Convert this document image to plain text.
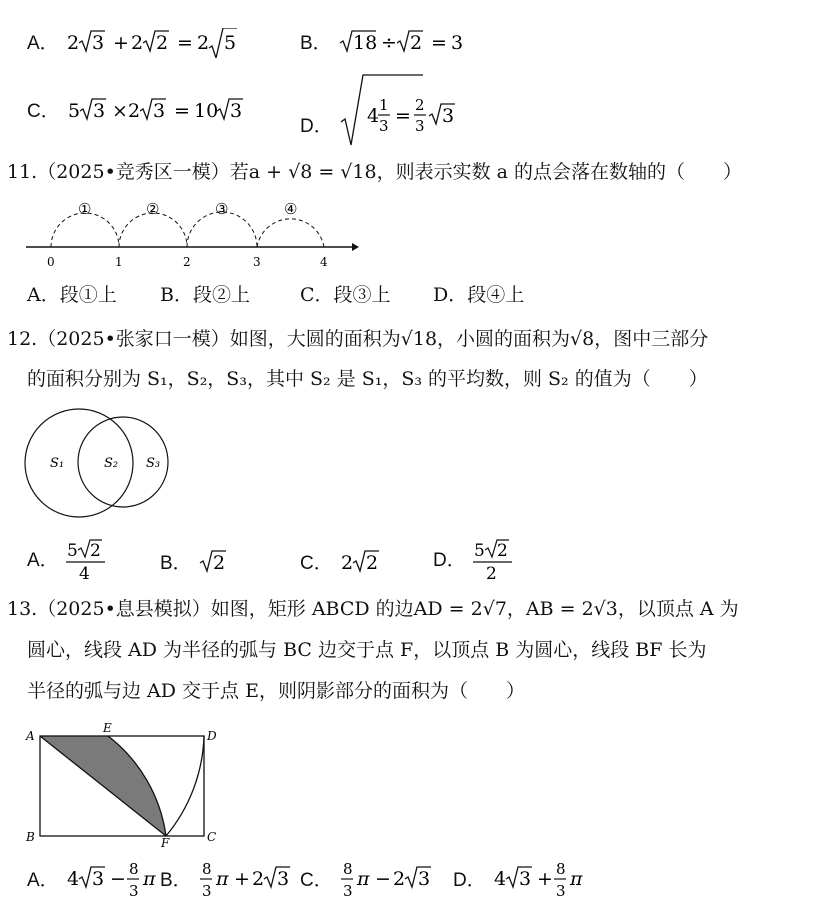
A． 2 3 + 2 2 = 2 5	B． 18 ÷ 2 = 3
C． 5 3 × 2 3 = 10 3
D． 4 1
3 = 2
3 3
11.（2025•竞秀区一模）若a + √8 = √18，则表示实数 a 的点会落在数轴的（　　）
0	1	2	3	4
①	②	③	④
A．段①上 B．段②上	C．段③上 D．段④上
12.（2025•张家口一模）如图，大圆的面积为√18，小圆的面积为√8，图中三部分
的面积分别为 S₁，S₂，S₃，其中 S₂ 是 S₁，S₃ 的平均数，则 S₂ 的值为（　　）
S₁	S₂ S₃
A． 5 2
4
B． 2	C． 2 2	D． 5 2
2
13.（2025•息县模拟）如图，矩形 ABCD 的边AD = 2√7，AB = 2√3，以顶点 A 为
圆心，线段 AD 为半径的弧与 BC 边交于点 F，以顶点 B 为圆心，线段 BF 长为
半径的弧与边 AD 交于点 E，则阴影部分的面积为（　　）
A
E
D
B	F	C
A． 4 3 − 8
3
π B．
8
3
π + 2 3 C．
8
3
π − 2 3 D． 4 3 + 8
3
π
